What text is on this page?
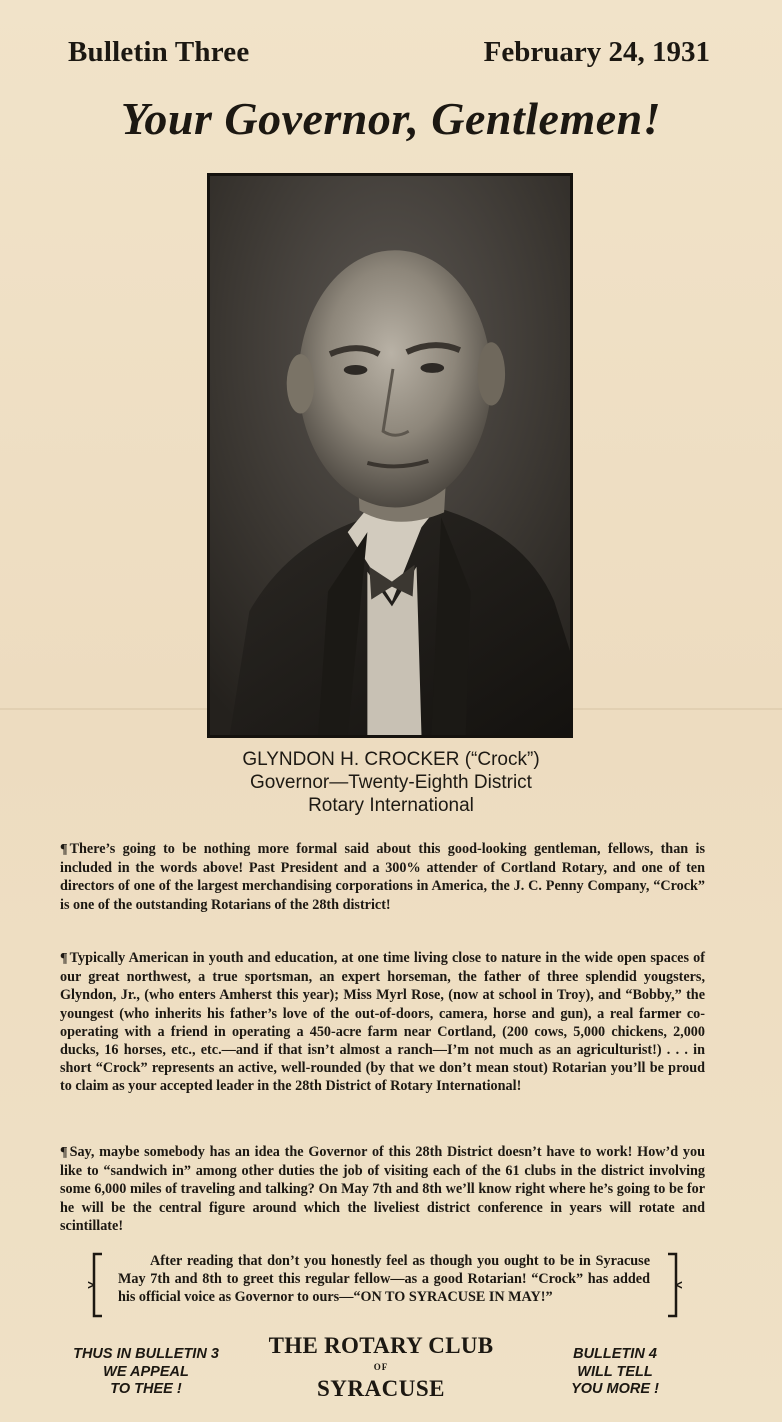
Bulletin Three	February 24, 1931
Your Governor, Gentlemen!
GLYNDON H. CROCKER (“Crock”)
Governor—Twenty-Eighth District
Rotary International
¶ There’s going to be nothing more formal said about this good-looking gentleman, fellows, than is included in the words above! Past President and a 300% attender of Cortland Rotary, and one of ten directors of one of the largest merchandising corporations in America, the J. C. Penny Company, “Crock” is one of the outstanding Rotarians of the 28th district!
¶ Typically American in youth and education, at one time living close to nature in the wide open spaces of our great northwest, a true sportsman, an expert horseman, the father of three splendid yougsters, Glyndon, Jr., (who enters Amherst this year); Miss Myrl Rose, (now at school in Troy), and “Bobby,” the youngest (who inherits his father’s love of the out-of-doors, camera, horse and gun), a real farmer co-operating with a friend in operating a 450-acre farm near Cortland, (200 cows, 5,000 chickens, 2,000 ducks, 16 horses, etc., etc.—and if that isn’t almost a ranch—I’m not much as an agriculturist!) . . . in short “Crock” represents an active, well-rounded (by that we don’t mean stout) Rotarian you’ll be proud to claim as your accepted leader in the 28th District of Rotary International!
¶ Say, maybe somebody has an idea the Governor of this 28th District doesn’t have to work! How’d you like to “sandwich in” among other duties the job of visiting each of the 61 clubs in the district involving some 6,000 miles of traveling and talking? On May 7th and 8th we’ll know right where he’s going to be for he will be the central figure around which the liveliest district conference in years will rotate and scintillate!
After reading that don’t you honestly feel as though you ought to be in Syracuse May 7th and 8th to greet this regular fellow—as a good Rotarian! “Crock” has added his official voice as Governor to ours—“ON TO SYRACUSE IN MAY!”
THUS IN BULLETIN 3
WE APPEAL
TO THEE !
THE ROTARY CLUB
OF
SYRACUSE
BULLETIN 4
WILL TELL
YOU MORE !
